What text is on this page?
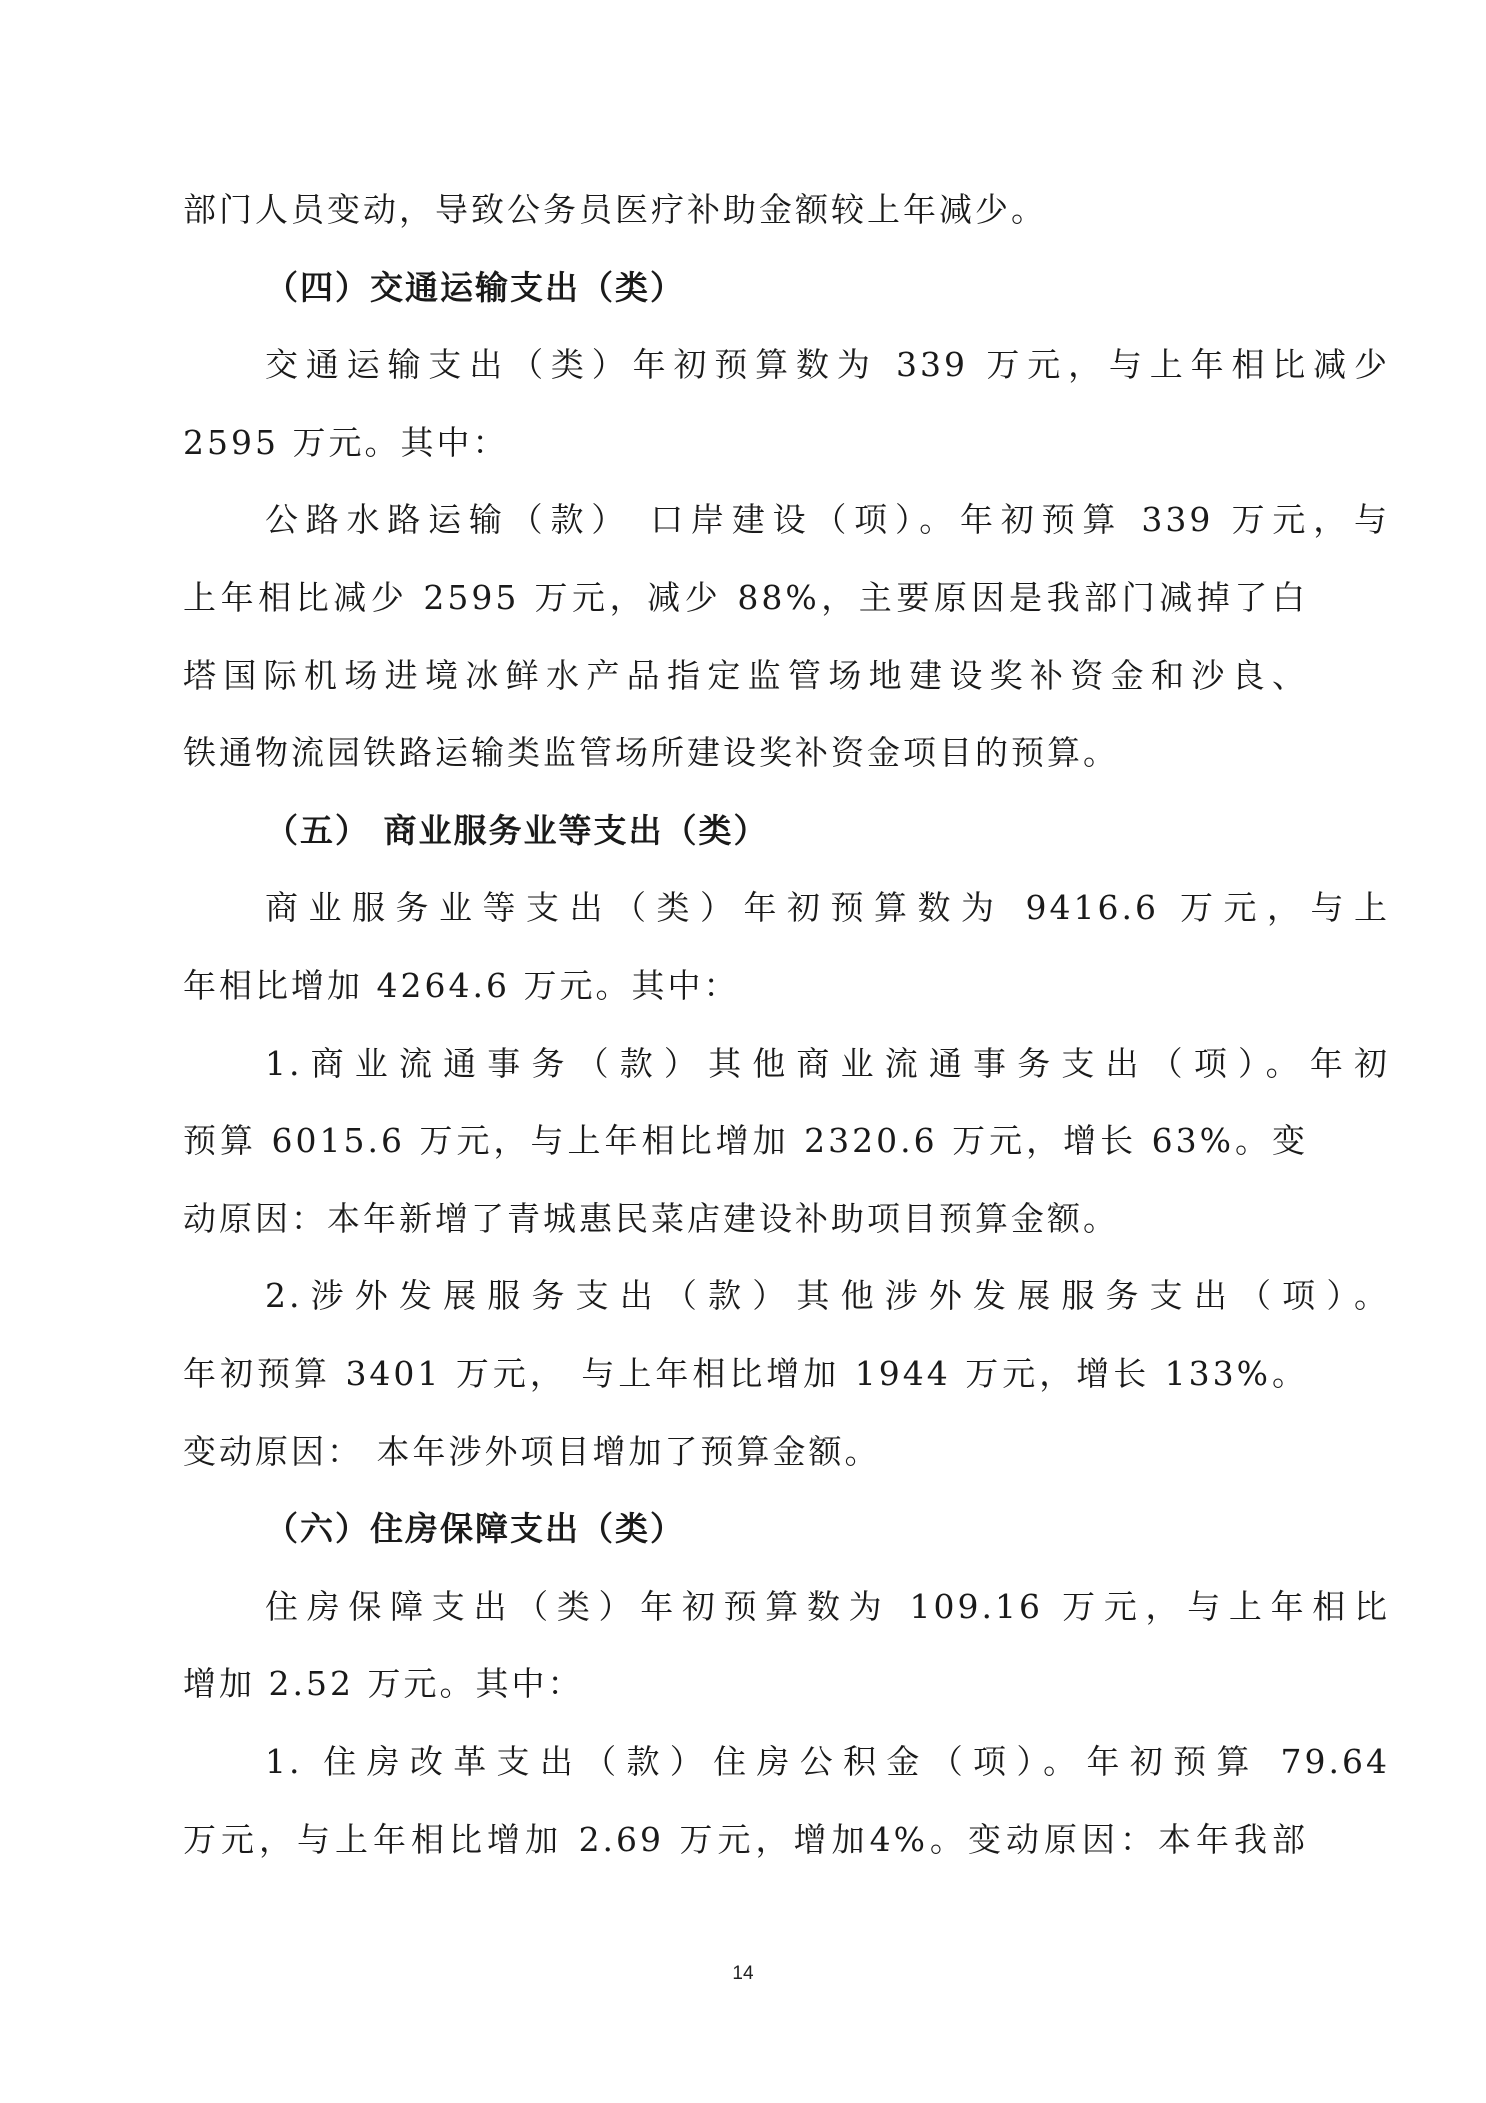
部门人员变动，导致公务员医疗补助金额较上年减少。
（四）交通运输支出（类）
交通运输支出（类）年初预算数为 339 万元，与上年相比减少
2595 万元。其中：
公路水路运输（款） 口岸建设（项）。年初预算 339 万元，与
上年相比减少 2595 万元，减少 88%，主要原因是我部门减掉了白
塔国际机场进境冰鲜水产品指定监管场地建设奖补资金和沙良、
铁通物流园铁路运输类监管场所建设奖补资金项目的预算。
（五） 商业服务业等支出（类）
商业服务业等支出（类）年初预算数为 9416.6 万元，与上
年相比增加 4264.6 万元。其中：
1.商业流通事务（款）其他商业流通事务支出（项）。年初
预算 6015.6 万元，与上年相比增加 2320.6 万元，增长 63%。变
动原因：本年新增了青城惠民菜店建设补助项目预算金额。
2.涉外发展服务支出（款）其他涉外发展服务支出（项）。
年初预算 3401 万元， 与上年相比增加 1944 万元，增长 133%。
变动原因： 本年涉外项目增加了预算金额。
（六）住房保障支出（类）
住房保障支出（类）年初预算数为 109.16 万元，与上年相比
增加 2.52 万元。其中：
1. 住房改革支出（款）住房公积金（项）。年初预算 79.64
万元，与上年相比增加 2.69 万元，增加4%。变动原因：本年我部
14
